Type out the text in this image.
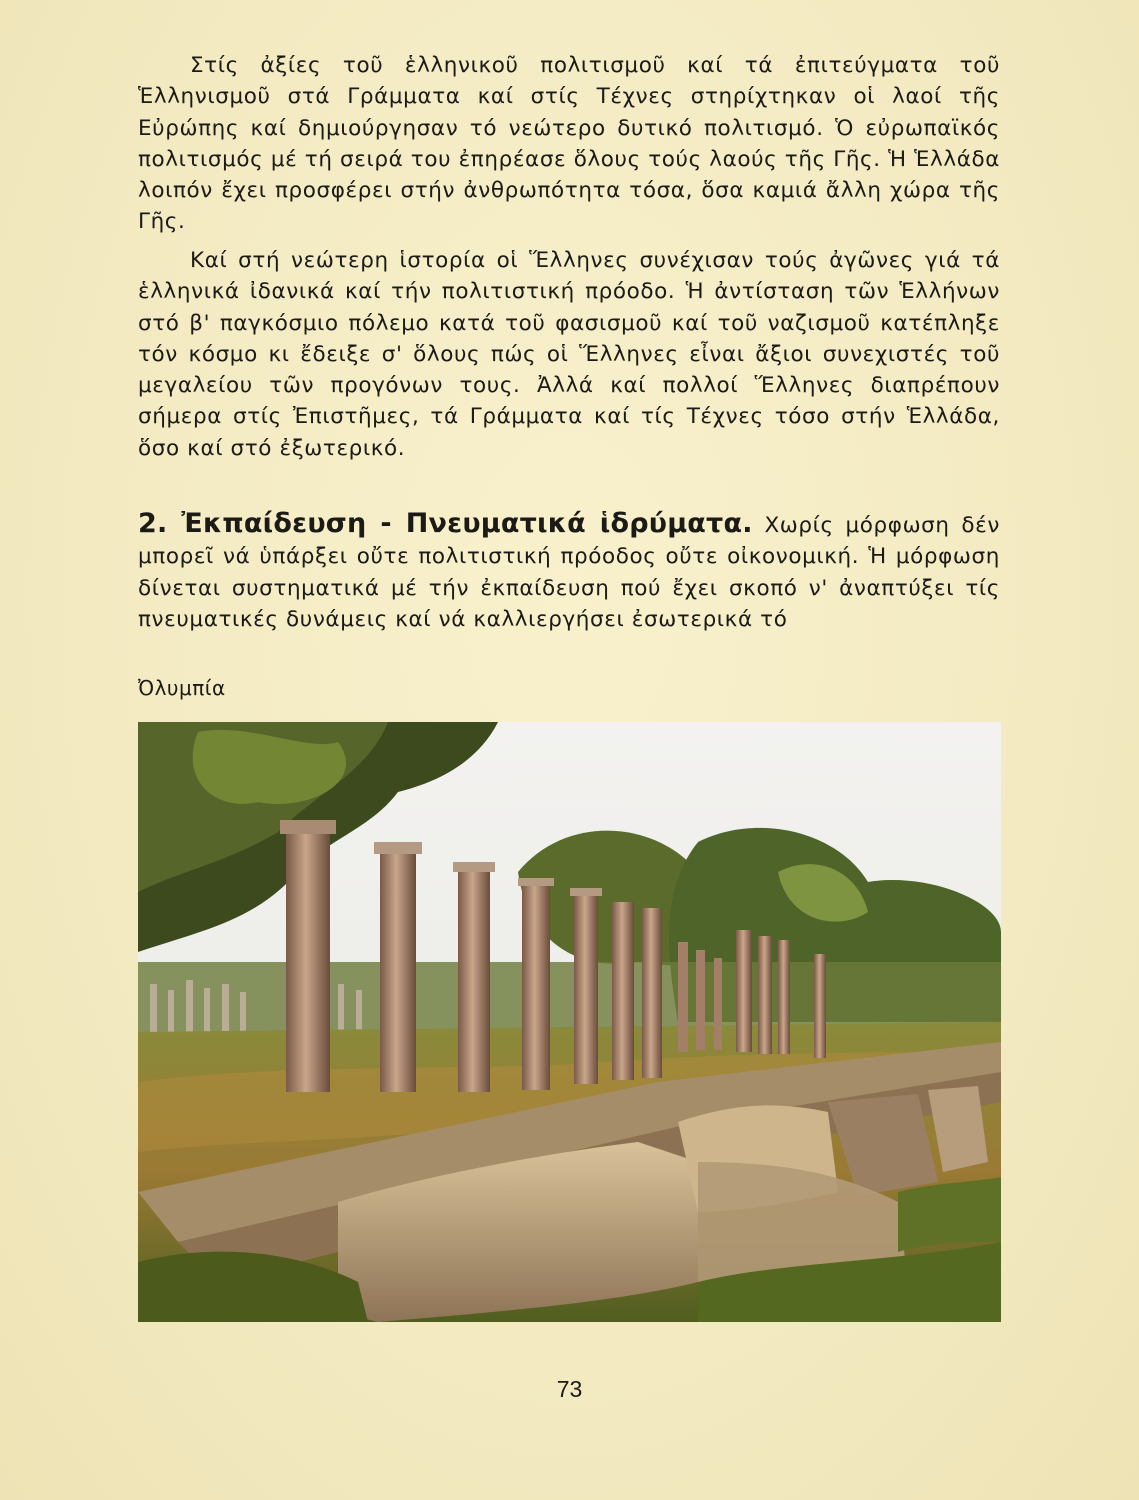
Στίς ἀξίες τοῦ ἑλληνικοῦ πολιτισμοῦ καί τά ἐπιτεύγματα τοῦ Ἑλληνισμοῦ στά Γράμματα καί στίς Τέχνες στηρίχτηκαν οἱ λαοί τῆς Εὐρώπης καί δημιούργησαν τό νεώτερο δυτικό πολιτισμό. Ὁ εὐρωπαϊκός πολιτισμός μέ τή σειρά του ἐπηρέασε ὅλους τούς λαούς τῆς Γῆς. Ἡ Ἑλλάδα λοιπόν ἔχει προσφέρει στήν ἀνθρωπότητα τόσα, ὅσα καμιά ἄλλη χώρα τῆς Γῆς.

Καί στή νεώτερη ἱστορία οἱ Ἕλληνες συνέχισαν τούς ἀγῶνες γιά τά ἑλληνικά ἰδανικά καί τήν πολιτιστική πρόοδο. Ἡ ἀντίσταση τῶν Ἑλλήνων στό β' παγκόσμιο πόλεμο κατά τοῦ φασισμοῦ καί τοῦ ναζισμοῦ κατέπληξε τόν κόσμο κι ἔδειξε σ' ὅλους πώς οἱ Ἕλληνες εἶναι ἄξιοι συνεχιστές τοῦ μεγαλείου τῶν προγόνων τους. Ἀλλά καί πολλοί Ἕλληνες διαπρέπουν σήμερα στίς Ἐπιστῆμες, τά Γράμματα καί τίς Τέχνες τόσο στήν Ἑλλάδα, ὅσο καί στό ἐξωτερικό.

2. Ἐκπαίδευση - Πνευματικά ἱδρύματα. Χωρίς μόρφωση δέν μπορεῖ νά ὑπάρξει οὔτε πολιτιστική πρόοδος οὔτε οἰκονομική. Ἡ μόρφωση δίνεται συστηματικά μέ τήν ἐκπαίδευση πού ἔχει σκοπό ν' ἀναπτύξει τίς πνευματικές δυνάμεις καί νά καλλιεργήσει ἐσωτερικά τό

Ὀλυμπία
73
